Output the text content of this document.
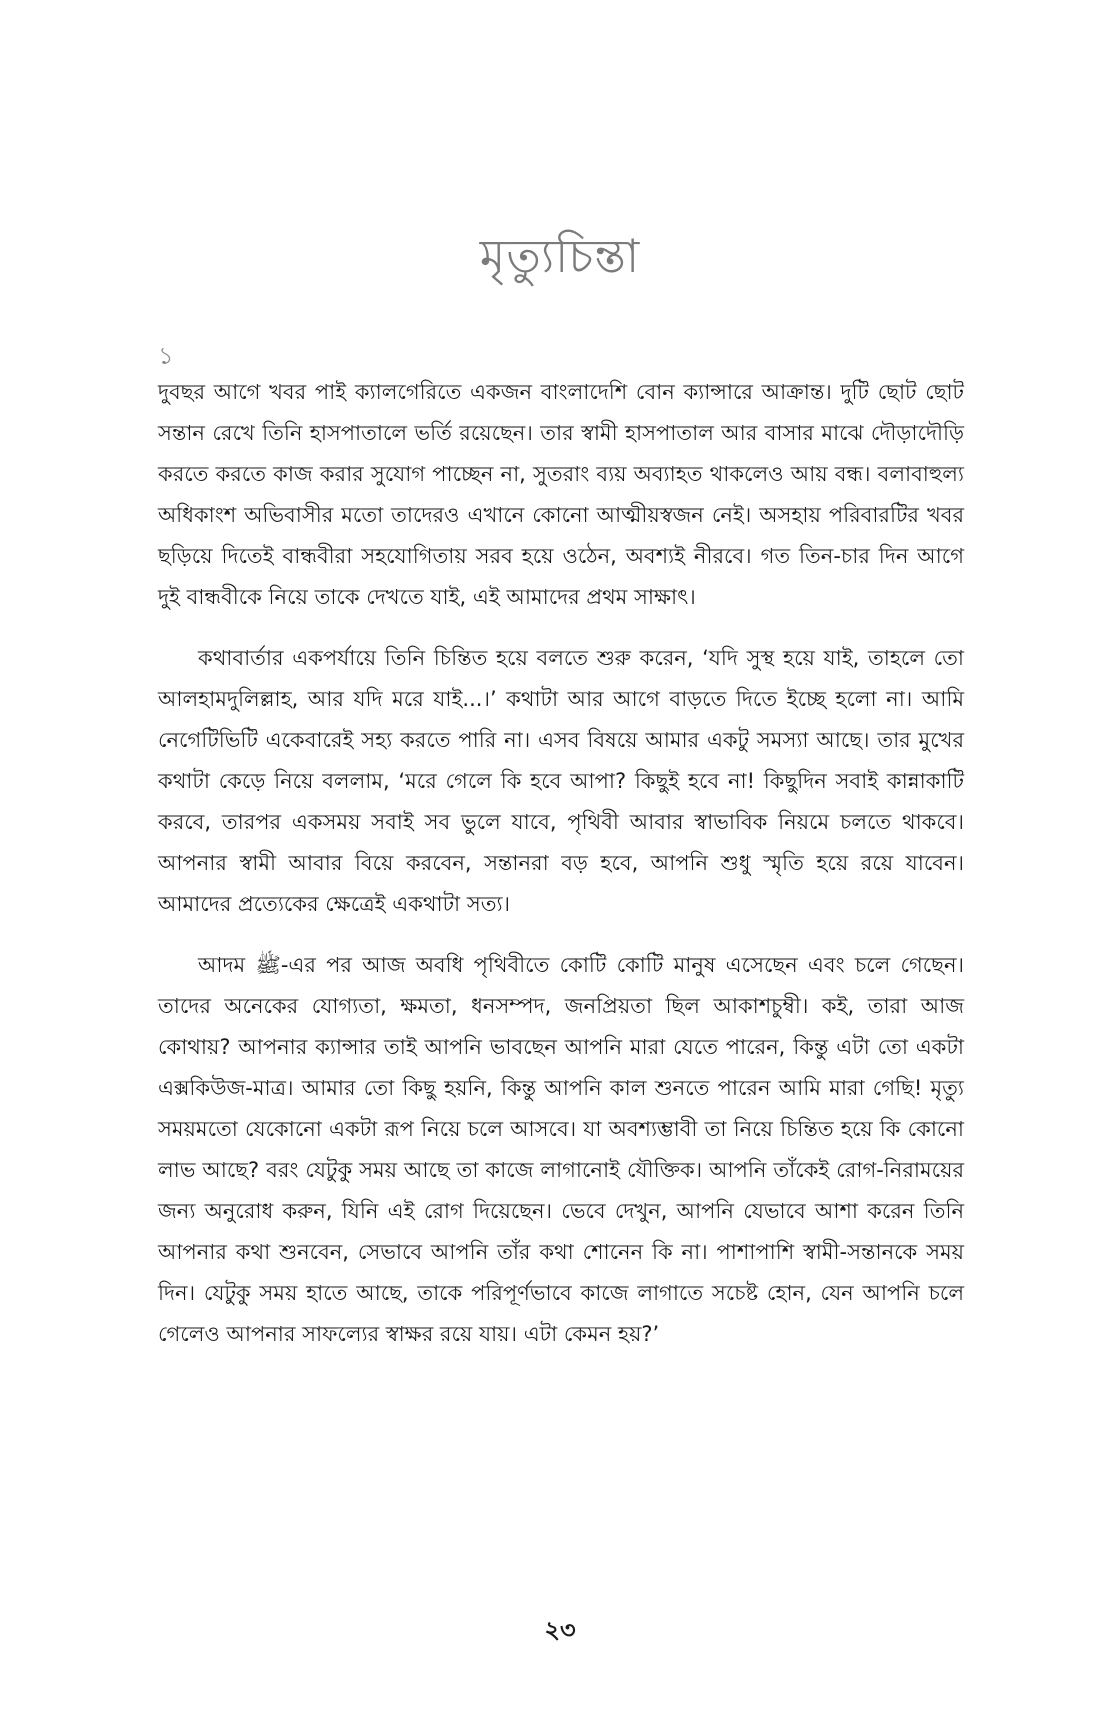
মৃত্যুচিন্তা
১

দুবছর আগে খবর পাই ক্যালগেরিতে একজন বাংলাদেশি বোন ক্যান্সারে আক্রান্ত। দুটি ছোট ছোট সন্তান রেখে তিনি হাসপাতালে ভর্তি রয়েছেন। তার স্বামী হাসপাতাল আর বাসার মাঝে দৌড়াদৌড়ি করতে করতে কাজ করার সুযোগ পাচ্ছেন না, সুতরাং ব্যয় অব্যাহত থাকলেও আয় বন্ধ। বলাবাহুল্য অধিকাংশ অভিবাসীর মতো তাদেরও এখানে কোনো আত্মীয়স্বজন নেই। অসহায় পরিবারটির খবর ছড়িয়ে দিতেই বান্ধবীরা সহযোগিতায় সরব হয়ে ওঠেন, অবশ্যই নীরবে। গত তিন-চার দিন আগে দুই বান্ধবীকে নিয়ে তাকে দেখতে যাই, এই আমাদের প্রথম সাক্ষাৎ।

কথাবার্তার একপর্যায়ে তিনি চিন্তিত হয়ে বলতে শুরু করেন, ‘যদি সুস্থ হয়ে যাই, তাহলে তো আলহামদুলিল্লাহ, আর যদি মরে যাই...।’ কথাটা আর আগে বাড়তে দিতে ইচ্ছে হলো না। আমি নেগেটিভিটি একেবারেই সহ্য করতে পারি না। এসব বিষয়ে আমার একটু সমস্যা আছে। তার মুখের কথাটা কেড়ে নিয়ে বললাম, ‘মরে গেলে কি হবে আপা? কিছুই হবে না! কিছুদিন সবাই কান্নাকাটি করবে, তারপর একসময় সবাই সব ভুলে যাবে, পৃথিবী আবার স্বাভাবিক নিয়মে চলতে থাকবে। আপনার স্বামী আবার বিয়ে করবেন, সন্তানরা বড় হবে, আপনি শুধু স্মৃতি হয়ে রয়ে যাবেন। আমাদের প্রত্যেকের ক্ষেত্রেই একথাটা সত্য।

আদম ﷺ-এর পর আজ অবধি পৃথিবীতে কোটি কোটি মানুষ এসেছেন এবং চলে গেছেন। তাদের অনেকের যোগ্যতা, ক্ষমতা, ধনসম্পদ, জনপ্রিয়তা ছিল আকাশচুম্বী। কই, তারা আজ কোথায়? আপনার ক্যান্সার তাই আপনি ভাবছেন আপনি মারা যেতে পারেন, কিন্তু এটা তো একটা এক্সকিউজ-মাত্র। আমার তো কিছু হয়নি, কিন্তু আপনি কাল শুনতে পারেন আমি মারা গেছি! মৃত্যু সময়মতো যেকোনো একটা রূপ নিয়ে চলে আসবে। যা অবশ্যম্ভাবী তা নিয়ে চিন্তিত হয়ে কি কোনো লাভ আছে? বরং যেটুকু সময় আছে তা কাজে লাগানোই যৌক্তিক। আপনি তাঁকেই রোগ-নিরাময়ের জন্য অনুরোধ করুন, যিনি এই রোগ দিয়েছেন। ভেবে দেখুন, আপনি যেভাবে আশা করেন তিনি আপনার কথা শুনবেন, সেভাবে আপনি তাঁর কথা শোনেন কি না। পাশাপাশি স্বামী-সন্তানকে সময় দিন। যেটুকু সময় হাতে আছে, তাকে পরিপূর্ণভাবে কাজে লাগাতে সচেষ্ট হোন, যেন আপনি চলে গেলেও আপনার সাফল্যের স্বাক্ষর রয়ে যায়। এটা কেমন হয়?’

২৩
